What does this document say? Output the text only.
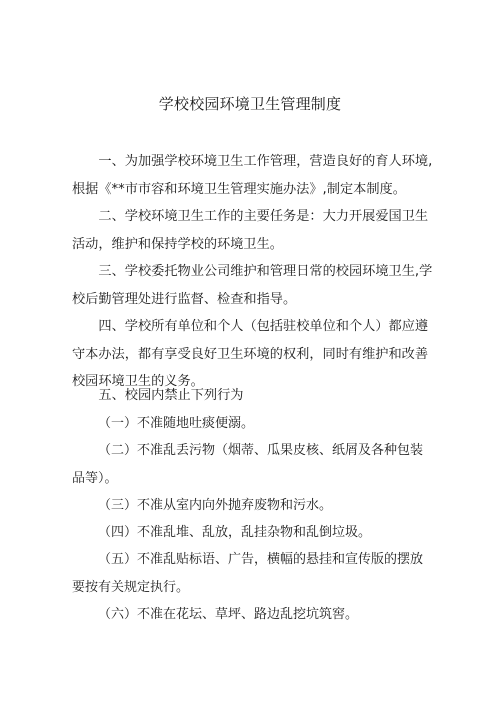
学校校园环境卫生管理制度

一、为加强学校环境卫生工作管理，营造良好的育人环境,根据《**市市容和环境卫生管理实施办法》,制定本制度。

二、学校环境卫生工作的主要任务是：大力开展爱国卫生活动，维护和保持学校的环境卫生。

三、学校委托物业公司维护和管理日常的校园环境卫生,学校后勤管理处进行监督、检查和指导。

四、学校所有单位和个人（包括驻校单位和个人）都应遵守本办法，都有享受良好卫生环境的权利，同时有维护和改善校园环境卫生的义务。

五、校园内禁止下列行为

（一）不准随地吐痰便溺。

（二）不准乱丢污物（烟蒂、瓜果皮核、纸屑及各种包装品等）。

（三）不准从室内向外抛弃废物和污水。

（四）不准乱堆、乱放，乱挂杂物和乱倒垃圾。

（五）不准乱贴标语、广告，横幅的悬挂和宣传版的摆放要按有关规定执行。

（六）不准在花坛、草坪、路边乱挖坑筑窖。
